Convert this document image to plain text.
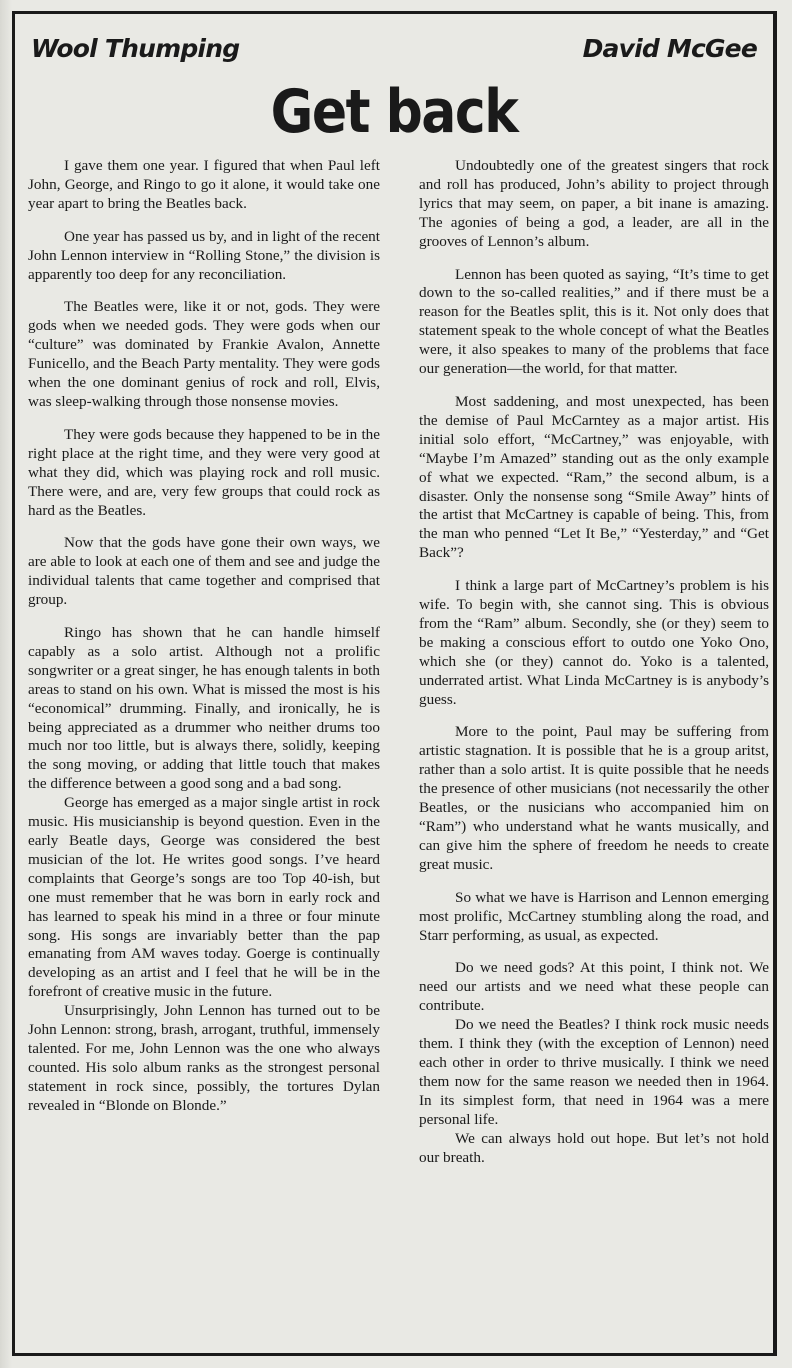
Wool Thumping	David McGee
Get back

I gave them one year. I figured that when Paul left John, George, and Ringo to go it alone, it would take one year apart to bring the Beatles back.

One year has passed us by, and in light of the recent John Lennon interview in “Rolling Stone,” the division is apparently too deep for any reconciliation.

The Beatles were, like it or not, gods. They were gods when we needed gods. They were gods when our “culture” was dominated by Frankie Avalon, Annette Funicello, and the Beach Party mentality. They were gods when the one dominant genius of rock and roll, Elvis, was sleep-walking through those nonsense movies.

They were gods because they happened to be in the right place at the right time, and they were very good at what they did, which was playing rock and roll music. There were, and are, very few groups that could rock as hard as the Beatles.

Now that the gods have gone their own ways, we are able to look at each one of them and see and judge the individual talents that came together and comprised that group.

Ringo has shown that he can handle himself capably as a solo artist. Although not a prolific songwriter or a great singer, he has enough talents in both areas to stand on his own. What is missed the most is his “economical” drumming. Finally, and ironically, he is being appreciated as a drummer who neither drums too much nor too little, but is always there, solidly, keeping the song moving, or adding that little touch that makes the difference between a good song and a bad song.

George has emerged as a major single artist in rock music. His musicianship is beyond question. Even in the early Beatle days, George was considered the best musician of the lot. He writes good songs. I’ve heard complaints that George’s songs are too Top 40-ish, but one must remember that he was born in early rock and has learned to speak his mind in a three or four minute song. His songs are invariably better than the pap emanating from AM waves today. Goerge is continually developing as an artist and I feel that he will be in the forefront of creative music in the future.

Unsurprisingly, John Lennon has turned out to be John Lennon: strong, brash, arrogant, truthful, immensely talented. For me, John Lennon was the one who always counted. His solo album ranks as the strongest personal statement in rock since, possibly, the tortures Dylan revealed in “Blonde on Blonde.”

Undoubtedly one of the greatest singers that rock and roll has produced, John’s ability to project through lyrics that may seem, on paper, a bit inane is amazing. The agonies of being a god, a leader, are all in the grooves of Lennon’s album.

Lennon has been quoted as saying, “It’s time to get down to the so-called realities,” and if there must be a reason for the Beatles split, this is it. Not only does that statement speak to the whole concept of what the Beatles were, it also speakes to many of the problems that face our generation—the world, for that matter.

Most saddening, and most unexpected, has been the demise of Paul McCarntey as a major artist. His initial solo effort, “McCartney,” was enjoyable, with “Maybe I’m Amazed” standing out as the only example of what we expected. “Ram,” the second album, is a disaster. Only the nonsense song “Smile Away” hints of the artist that McCartney is capable of being. This, from the man who penned “Let It Be,” “Yesterday,” and “Get Back”?

I think a large part of McCartney’s problem is his wife. To begin with, she cannot sing. This is obvious from the “Ram” album. Secondly, she (or they) seem to be making a conscious effort to outdo one Yoko Ono, which she (or they) cannot do. Yoko is a talented, underrated artist. What Linda McCartney is is anybody’s guess.

More to the point, Paul may be suffering from artistic stagnation. It is possible that he is a group aritst, rather than a solo artist. It is quite possible that he needs the presence of other musicians (not necessarily the other Beatles, or the nusicians who accompanied him on “Ram”) who understand what he wants musically, and can give him the sphere of freedom he needs to create great music.

So what we have is Harrison and Lennon emerging most prolific, McCartney stumbling along the road, and Starr performing, as usual, as expected.

Do we need gods? At this point, I think not. We need our artists and we need what these people can contribute.

Do we need the Beatles? I think rock music needs them. I think they (with the exception of Lennon) need each other in order to thrive musically. I think we need them now for the same reason we needed then in 1964. In its simplest form, that need in 1964 was a mere personal life.

We can always hold out hope. But let’s not hold our breath.
